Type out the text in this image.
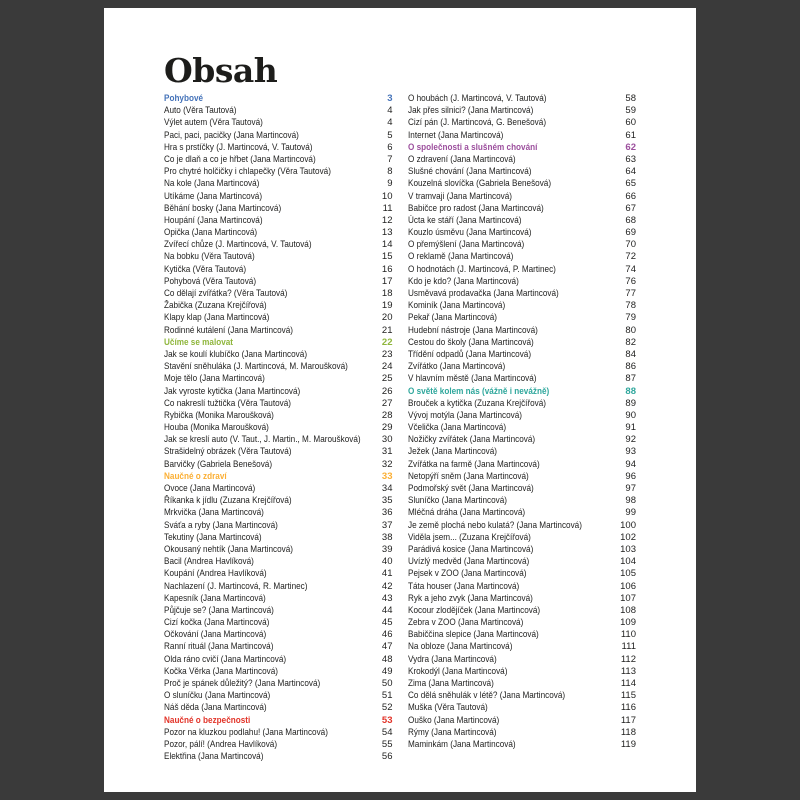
Obsah
Pohybové	3
Auto (Věra Tautová)	4
Výlet autem (Věra Tautová)	4
Paci, paci, pacičky (Jana Martincová)	5
Hra s prstíčky (J. Martincová, V. Tautová)	6
Co je dlaň a co je hřbet (Jana Martincová)	7
Pro chytré holčičky i chlapečky (Věra Tautová)	8
Na kole (Jana Martincová)	9
Utíkáme (Jana Martincová)	10
Běhání bosky (Jana Martincová)	11
Houpání (Jana Martincová)	12
Opička (Jana Martincová)	13
Zvířecí chůze (J. Martincová, V. Tautová)	14
Na bobku (Věra Tautová)	15
Kytička (Věra Tautová)	16
Pohybová (Věra Tautová)	17
Co dělají zvířátka? (Věra Tautová)	18
Žabička (Zuzana Krejčířová)	19
Klapy klap (Jana Martincová)	20
Rodinné kutálení (Jana Martincová)	21
Učíme se malovat	22
Jak se koulí klubíčko (Jana Martincová)	23
Stavění sněhuláka (J. Martincová, M. Maroušková)	24
Moje tělo (Jana Martincová)	25
Jak vyroste kytička (Jana Martincová)	26
Co nakreslí tužtička (Věra Tautová)	27
Rybička (Monika Maroušková)	28
Houba (Monika Maroušková)	29
Jak se kreslí auto (V. Taut., J. Martin., M. Maroušková) 30
Strašidelný obrázek (Věra Tautová)	31
Barvičky (Gabriela Benešová)	32
Naučné o zdraví	33
Ovoce (Jana Martincová)	34
Říkanka k jídlu (Zuzana Krejčířová)	35
Mrkvička (Jana Martincová)	36
Sváťa a ryby (Jana Martincová)	37
Tekutiny (Jana Martincová)	38
Okousaný nehtík (Jana Martincová)	39
Bacil (Andrea Havlíková)	40
Koupání (Andrea Havlíková)	41
Nachlazení (J. Martincová, R. Martinec)	42
Kapesník (Jana Martincová)	43
Půjčuje se? (Jana Martincová)	44
Cizí kočka (Jana Martincová)	45
Očkování (Jana Martincová)	46
Ranní rituál (Jana Martincová)	47
Olda ráno cvičí (Jana Martincová)	48
Kočka Věrka (Jana Martincová)	49
Proč je spánek důležitý? (Jana Martincová)	50
O sluníčku (Jana Martincová)	51
Náš děda (Jana Martincová)	52
Naučné o bezpečnosti	53
Pozor na kluzkou podlahu! (Jana Martincová)	54
Pozor, pálí! (Andrea Havlíková)	55
Elektřina (Jana Martincová)	56
O houbách (J. Martincová, V. Tautová)	58
Jak přes silnici? (Jana Martincová)	59
Cizí pán (J. Martincová, G. Benešová)	60
Internet (Jana Martincová)	61
O společnosti a slušném chování	62
O zdravení (Jana Martincová)	63
Slušné chování (Jana Martincová)	64
Kouzelná slovíčka (Gabriela Benešová)	65
V tramvaji (Jana Martincová)	66
Babičce pro radost (Jana Martincová)	67
Úcta ke stáří (Jana Martincová)	68
Kouzlo úsměvu (Jana Martincová)	69
O přemýšlení (Jana Martincová)	70
O reklamě (Jana Martincová)	72
O hodnotách (J. Martincová, P. Martinec)	74
Kdo je kdo? (Jana Martincová)	76
Usměvavá prodavačka (Jana Martincová)	77
Kominík (Jana Martincová)	78
Pekař (Jana Martincová)	79
Hudební nástroje (Jana Martincová)	80
Cestou do školy (Jana Martincová)	82
Třídění odpadů (Jana Martincová)	84
Zvířátko (Jana Martincová)	86
V hlavním městě (Jana Martincová)	87
O světě kolem nás (vážně i nevážně)	88
Brouček a kytička (Zuzana Krejčířová)	89
Vývoj motýla (Jana Martincová)	90
Včelička (Jana Martincová)	91
Nožičky zvířátek (Jana Martincová)	92
Ježek (Jana Martincová)	93
Zvířátka na farmě (Jana Martincová)	94
Netopýří sněm (Jana Martincová)	96
Podmořský svět (Jana Martincová)	97
Sluníčko (Jana Martincová)	98
Mléčná dráha (Jana Martincová)	99
Je země plochá nebo kulatá? (Jana Martincová)	100
Viděla jsem... (Zuzana Krejčířová)	102
Parádivá kosice (Jana Martincová)	103
Uvízlý medvěd (Jana Martincová)	104
Pejsek v ZOO (Jana Martincová)	105
Táta houser (Jana Martincová)	106
Ryk a jeho zvyk (Jana Martincová)	107
Kocour zlodějíček (Jana Martincová)	108
Zebra v ZOO (Jana Martincová)	109
Babiččina slepice (Jana Martincová)	110
Na obloze (Jana Martincová)	111
Vydra (Jana Martincová)	112
Krokodýl (Jana Martincová)	113
Zima (Jana Martincová)	114
Co dělá sněhulák v létě? (Jana Martincová)	115
Muška (Věra Tautová)	116
Ouško (Jana Martincová)	117
Rýmy (Jana Martincová)	118
Maminkám (Jana Martincová)	119
